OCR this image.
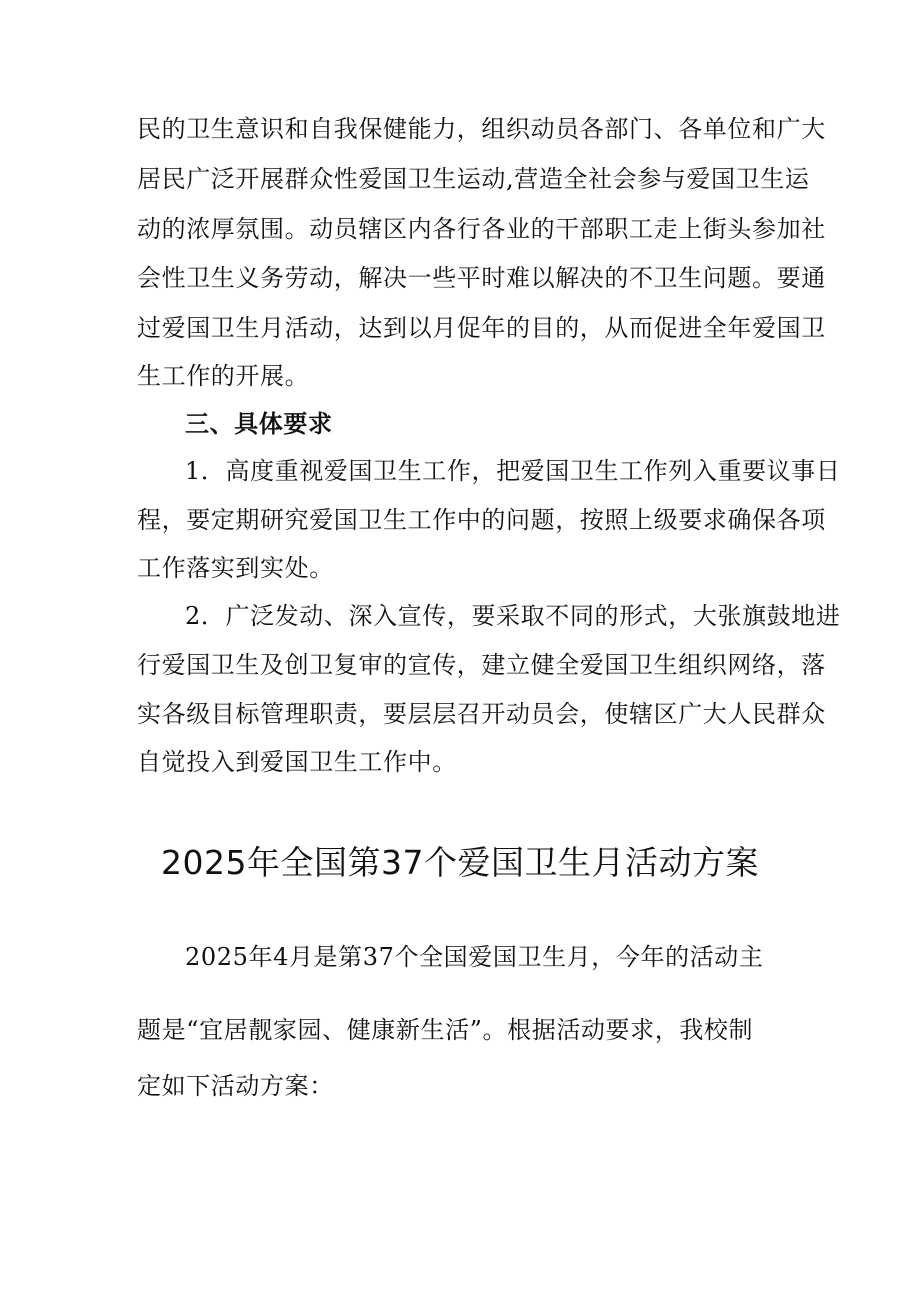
民的卫生意识和自我保健能力，组织动员各部门、各单位和广大
居民广泛开展群众性爱国卫生运动,营造全社会参与爱国卫生运
动的浓厚氛围。动员辖区内各行各业的干部职工走上街头参加社
会性卫生义务劳动，解决一些平时难以解决的不卫生问题。要通
过爱国卫生月活动，达到以月促年的目的，从而促进全年爱国卫
生工作的开展。
三、具体要求
1．高度重视爱国卫生工作，把爱国卫生工作列入重要议事日
程，要定期研究爱国卫生工作中的问题，按照上级要求确保各项
工作落实到实处。
2．广泛发动、深入宣传，要采取不同的形式，大张旗鼓地进
行爱国卫生及创卫复审的宣传，建立健全爱国卫生组织网络，落
实各级目标管理职责，要层层召开动员会，使辖区广大人民群众
自觉投入到爱国卫生工作中。
2025年全国第37个爱国卫生月活动方案
2025年4月是第37个全国爱国卫生月，今年的活动主
题是“宜居靓家园、健康新生活”。根据活动要求，我校制
定如下活动方案：
